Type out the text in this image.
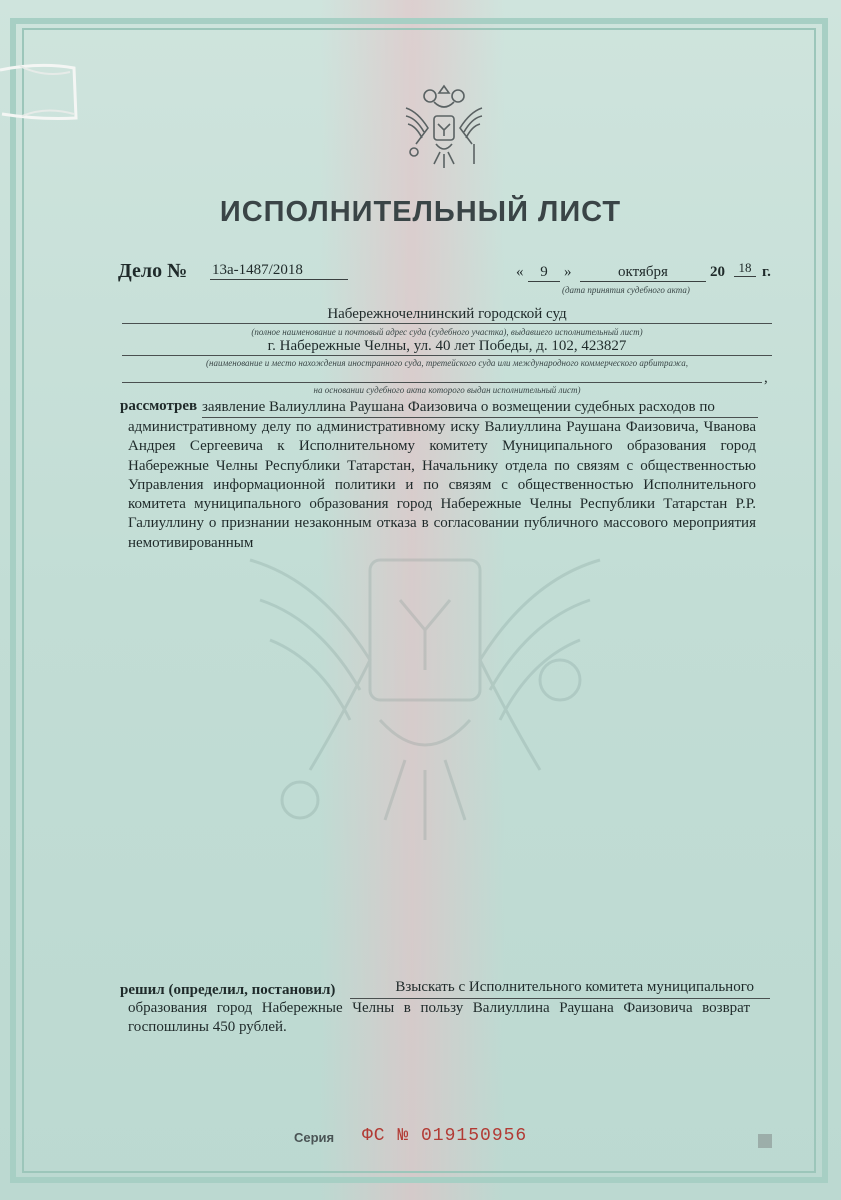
ИСПОЛНИТЕЛЬНЫЙ ЛИСТ
Дело № 13а-1487/2018	«	9	»	октября	20	18 г.
(дата принятия судебного акта)
Набережночелнинский городской суд
(полное наименование и почтовый адрес суда (судебного участка), выдавшего исполнительный лист)
г. Набережные Челны, ул. 40 лет Победы, д. 102, 423827
(наименование и место нахождения иностранного суда, третейского суда или международного коммерческого арбитража,
,
на основании судебного акта которого выдан исполнительный лист)
рассмотрев заявление Валиуллина Раушана Фаизовича о возмещении судебных расходов по
административному делу по административному иску Валиуллина Раушана Фаизовича, Чванова Андрея Сергеевича к Исполнительному комитету Муниципального образования город Набережные Челны Республики Татарстан, Начальнику отдела по связям с общественностью Управления информационной политики и по связям с общественностью Исполнительного комитета муниципального образования город Набережные Челны Республики Татарстан Р.Р. Галиуллину о признании незаконным отказа в согласовании публичного массового мероприятия немотивированным
решил (определил, постановил)	Взыскать с Исполнительного комитета муниципального
образования город Набережные Челны в пользу Валиуллина Раушана Фаизовича возврат госпошлины 450 рублей.
Серия ФС № 019150956
